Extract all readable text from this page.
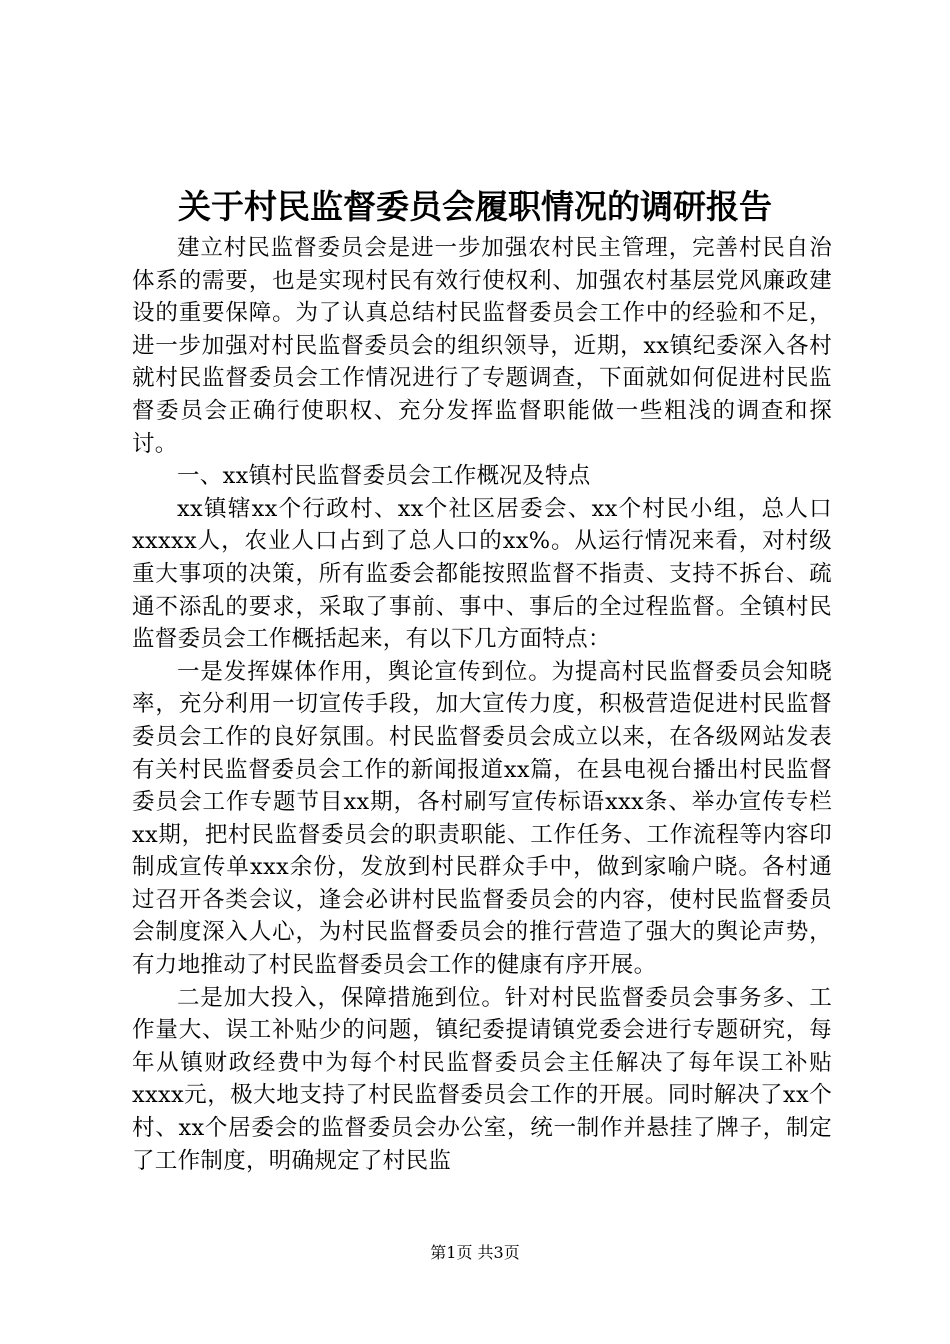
关于村民监督委员会履职情况的调研报告

建立村民监督委员会是进一步加强农村民主管理，完善村民自治体系的需要，也是实现村民有效行使权利、加强农村基层党风廉政建设的重要保障。为了认真总结村民监督委员会工作中的经验和不足，进一步加强对村民监督委员会的组织领导，近期，xx镇纪委深入各村就村民监督委员会工作情况进行了专题调查，下面就如何促进村民监督委员会正确行使职权、充分发挥监督职能做一些粗浅的调查和探讨。

一、xx镇村民监督委员会工作概况及特点

xx镇辖xx个行政村、xx个社区居委会、xx个村民小组，总人口xxxxx人，农业人口占到了总人口的xx%。从运行情况来看，对村级重大事项的决策，所有监委会都能按照监督不指责、支持不拆台、疏通不添乱的要求，采取了事前、事中、事后的全过程监督。全镇村民监督委员会工作概括起来，有以下几方面特点：

一是发挥媒体作用，舆论宣传到位。为提高村民监督委员会知晓率，充分利用一切宣传手段，加大宣传力度，积极营造促进村民监督委员会工作的良好氛围。村民监督委员会成立以来，在各级网站发表有关村民监督委员会工作的新闻报道xx篇，在县电视台播出村民监督委员会工作专题节目xx期，各村刷写宣传标语xxx条、举办宣传专栏xx期，把村民监督委员会的职责职能、工作任务、工作流程等内容印制成宣传单xxx余份，发放到村民群众手中，做到家喻户晓。各村通过召开各类会议，逢会必讲村民监督委员会的内容，使村民监督委员会制度深入人心，为村民监督委员会的推行营造了强大的舆论声势，有力地推动了村民监督委员会工作的健康有序开展。

二是加大投入，保障措施到位。针对村民监督委员会事务多、工作量大、误工补贴少的问题，镇纪委提请镇党委会进行专题研究，每年从镇财政经费中为每个村民监督委员会主任解决了每年误工补贴xxxx元，极大地支持了村民监督委员会工作的开展。同时解决了xx个村、xx个居委会的监督委员会办公室，统一制作并悬挂了牌子，制定了工作制度，明确规定了村民监

第1页 共3页
